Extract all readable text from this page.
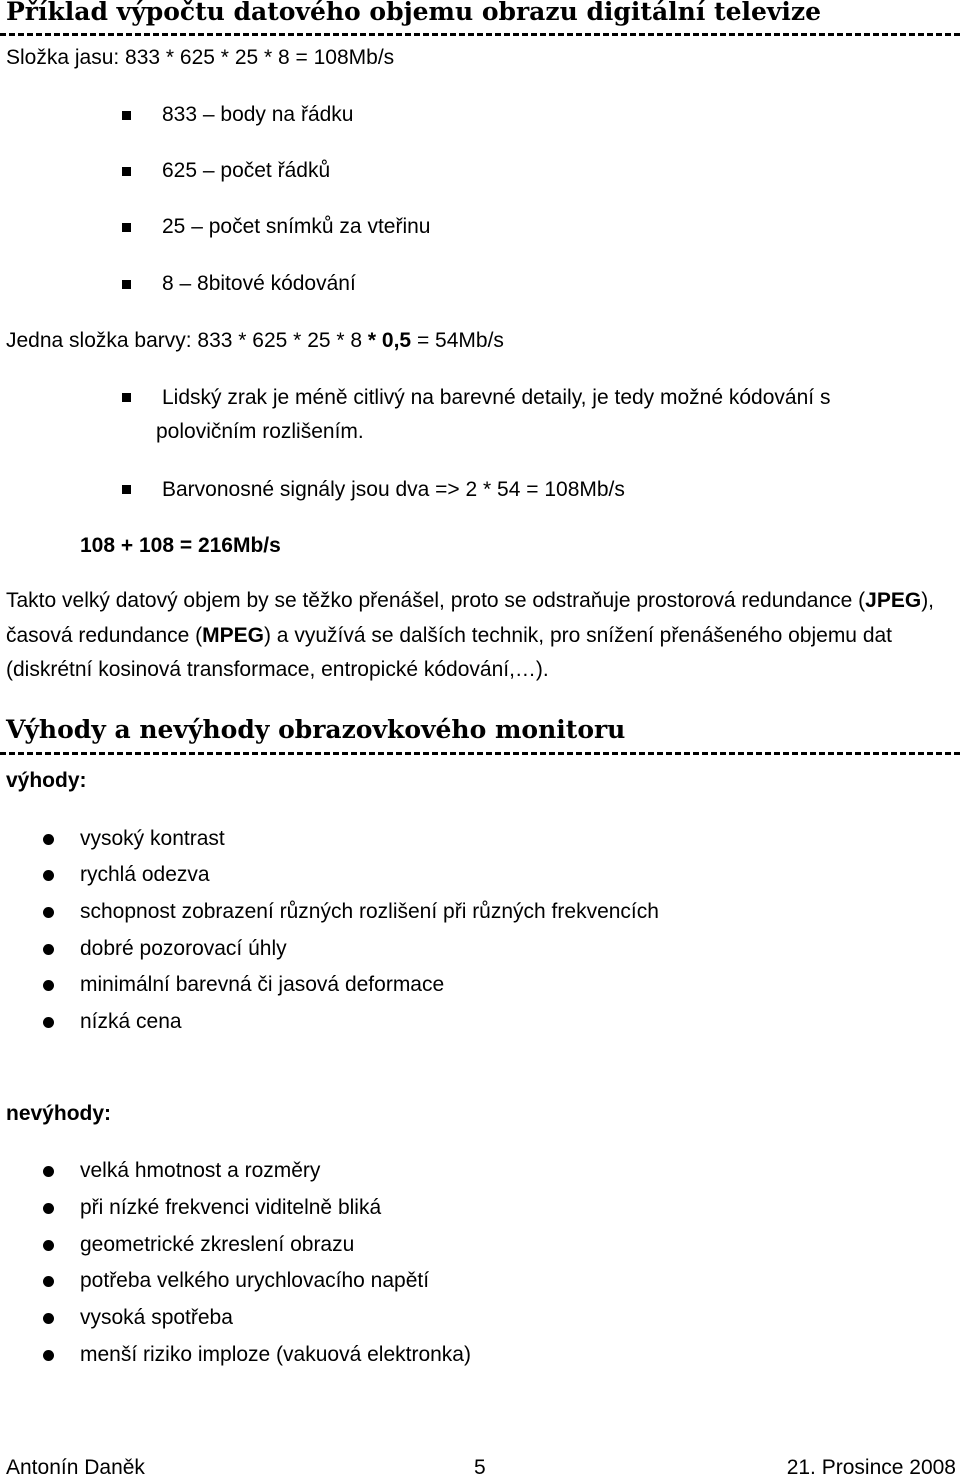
Příklad výpočtu datového objemu obrazu digitální televize
Složka jasu: 833 * 625 * 25 * 8 = 108Mb/s
833 – body na řádku
625 – počet řádků
25 – počet snímků za vteřinu
8 – 8bitové kódování
Jedna složka barvy: 833 * 625 * 25 * 8 * 0,5 = 54Mb/s
Lidský zrak je méně citlivý na barevné detaily, je tedy možné kódování s
polovičním rozlišením.
Barvonosné signály jsou dva => 2 * 54 = 108Mb/s
108 + 108 = 216Mb/s
Takto velký datový objem by se těžko přenášel, proto se odstraňuje prostorová redundance (JPEG), časová redundance (MPEG) a využívá se dalších technik, pro snížení přenášeného objemu dat (diskrétní kosinová transformace, entropické kódování,…).
Výhody a nevýhody obrazovkového monitoru
výhody:
vysoký kontrast
rychlá odezva
schopnost zobrazení různých rozlišení při různých frekvencích
dobré pozorovací úhly
minimální barevná či jasová deformace
nízká cena
nevýhody:
velká hmotnost a rozměry
při nízké frekvenci viditelně bliká
geometrické zkreslení obrazu
potřeba velkého urychlovacího napětí
vysoká spotřeba
menší riziko imploze (vakuová elektronka)
Antonín Daněk	5	21. Prosince 2008
